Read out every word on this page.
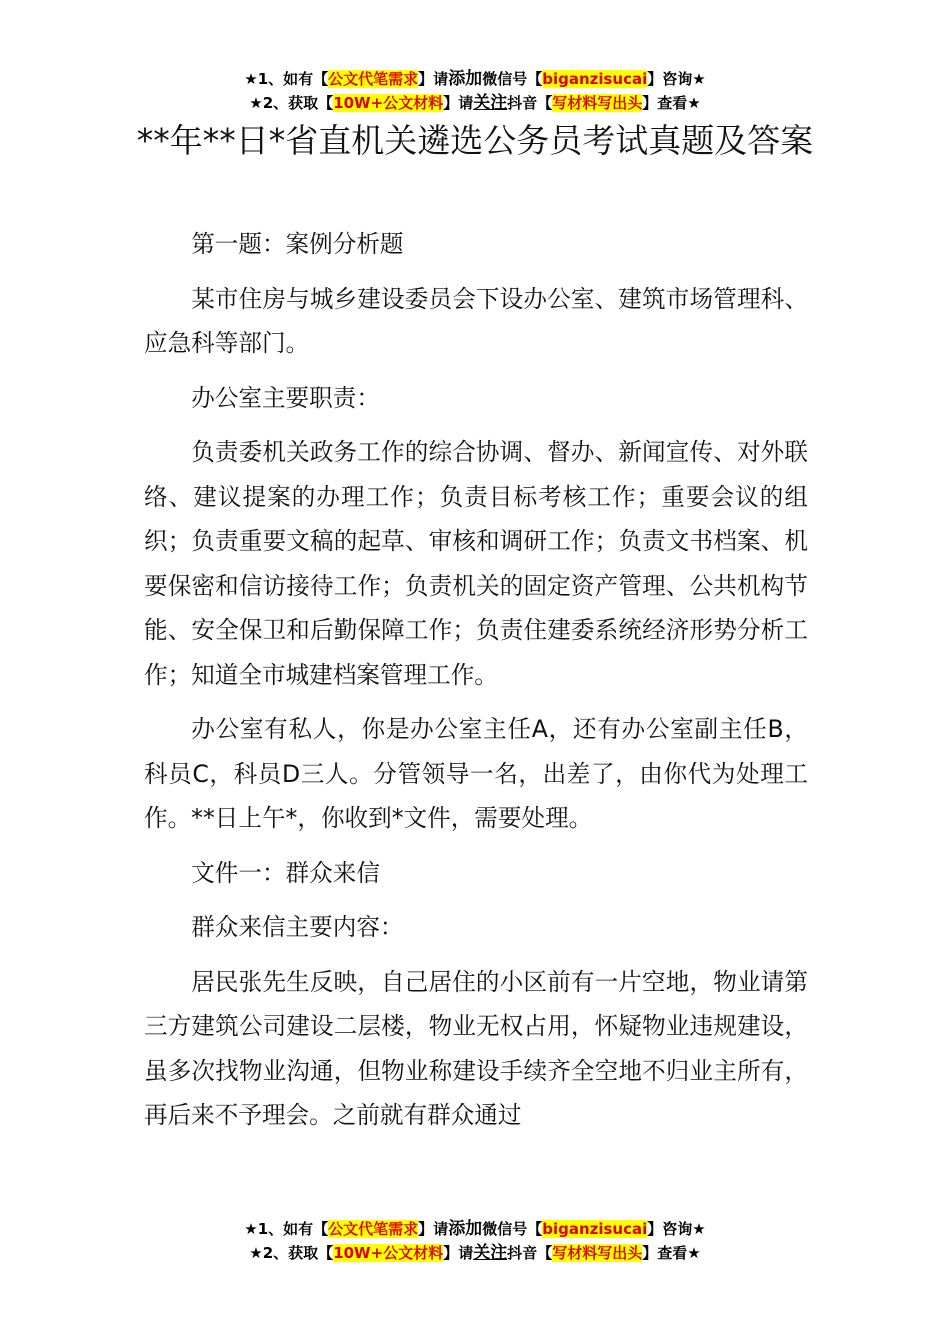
★1、如有【公文代笔需求】请添加微信号【biganzisucai】咨询★
★2、获取【10W+公文材料】请关注抖音【写材料写出头】查看★
**年**日*省直机关遴选公务员考试真题及答案

第一题：案例分析题

某市住房与城乡建设委员会下设办公室、建筑市场管理科、应急科等部门。

办公室主要职责：

负责委机关政务工作的综合协调、督办、新闻宣传、对外联络、建议提案的办理工作；负责目标考核工作；重要会议的组织；负责重要文稿的起草、审核和调研工作；负责文书档案、机要保密和信访接待工作；负责机关的固定资产管理、公共机构节能、安全保卫和后勤保障工作；负责住建委系统经济形势分析工作；知道全市城建档案管理工作。

办公室有私人，你是办公室主任A，还有办公室副主任B，科员C，科员D三人。分管领导一名，出差了，由你代为处理工作。**日上午*，你收到*文件，需要处理。

文件一：群众来信

群众来信主要内容：

居民张先生反映，自己居住的小区前有一片空地，物业请第三方建筑公司建设二层楼，物业无权占用，怀疑物业违规建设，虽多次找物业沟通，但物业称建设手续齐全空地不归业主所有，再后来不予理会。之前就有群众通过

★1、如有【公文代笔需求】请添加微信号【biganzisucai】咨询★
★2、获取【10W+公文材料】请关注抖音【写材料写出头】查看★
